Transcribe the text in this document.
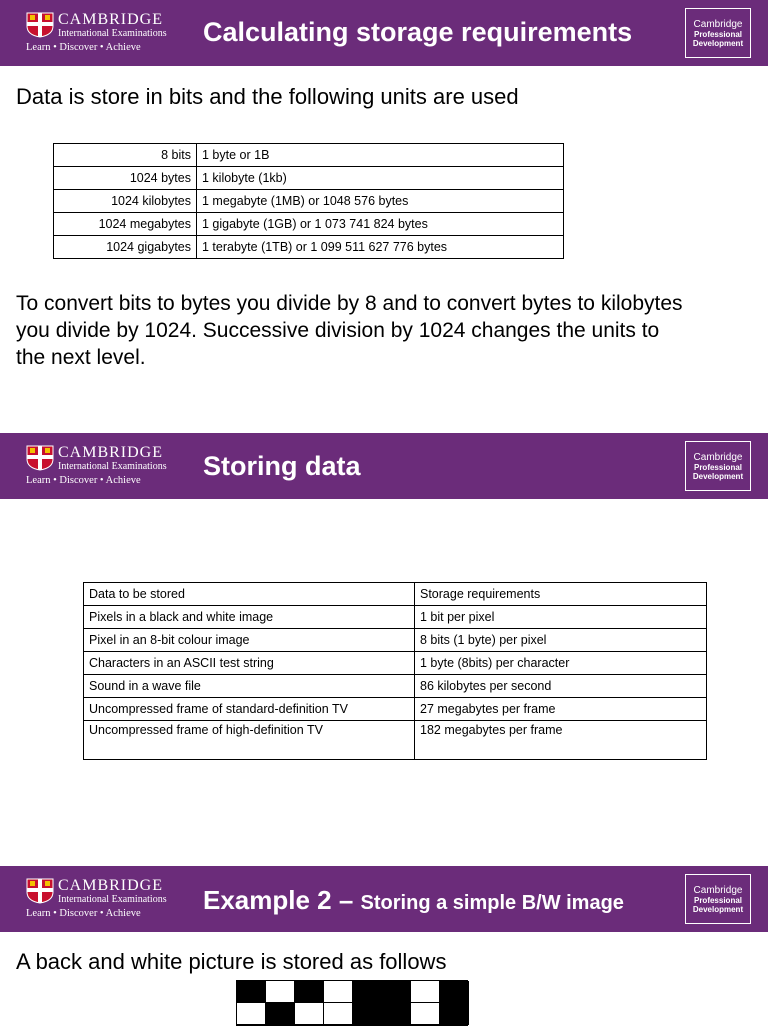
CAMBRIDGE
International Examinations
Learn • Discover • Achieve
Calculating storage requirements	Cambridge
Professional
Development
Data is store in bits and the following units are used
8 bits	1 byte or 1B
1024 bytes	1 kilobyte (1kb)
1024 kilobytes	1 megabyte (1MB) or 1048 576 bytes
1024 megabytes	1 gigabyte (1GB) or 1 073 741 824 bytes
1024 gigabytes	1 terabyte (1TB) or 1 099 511 627 776 bytes
To convert bits to bytes you divide by 8 and to convert bytes to kilobytes
you divide by 1024. Successive division by 1024 changes the units to
the next level.
CAMBRIDGE
International Examinations
Learn • Discover • Achieve Storing data	Cambridge
Professional
Development
Data to be stored	Storage requirements
Pixels in a black and white image	1 bit per pixel
Pixel in an 8-bit colour image	8 bits (1 byte) per pixel
Characters in an ASCII test string	1 byte (8bits) per character
Sound in a wave file	86 kilobytes per second
Uncompressed frame of standard-definition TV	27 megabytes per frame
Uncompressed frame of high-definition TV	182 megabytes per frame
CAMBRIDGE
International Examinations
Learn • Discover • Achieve Example 2 – Storing a simple B/W image
Cambridge
Professional
Development
A back and white picture is stored as follows
